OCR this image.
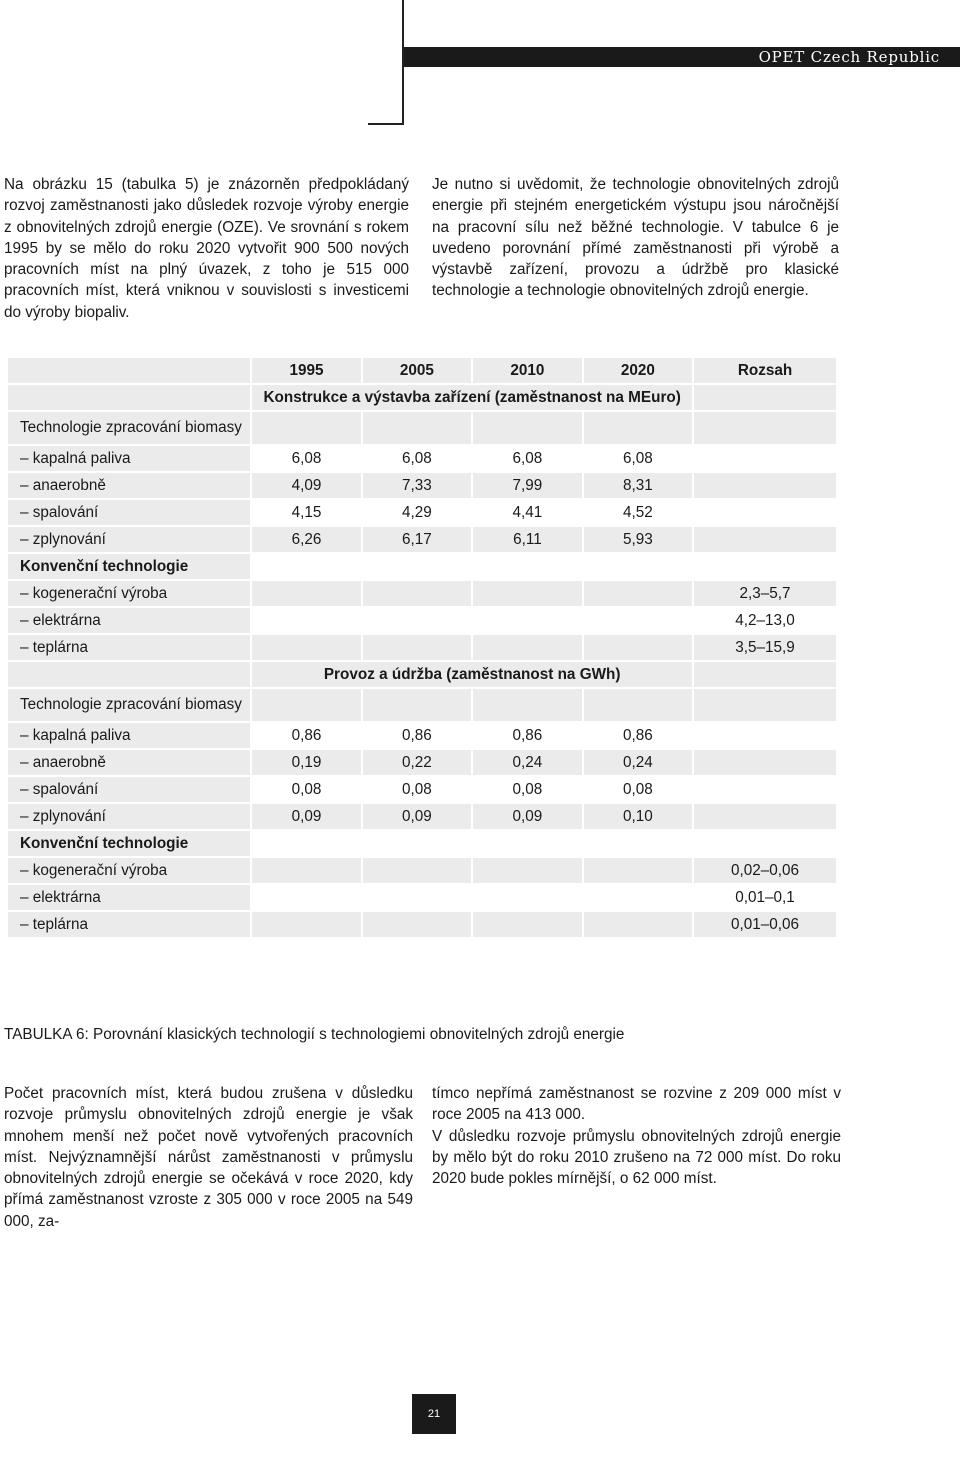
OPET Czech Republic
Na obrázku 15 (tabulka 5) je znázorněn předpokládaný rozvoj zaměstnanosti jako důsledek rozvoje výroby energie z obnovitelných zdrojů energie (OZE). Ve srovnání s rokem 1995 by se mělo do roku 2020 vytvořit 900 500 nových pracovních míst na plný úvazek, z toho je 515 000 pracovních míst, která vniknou v souvislosti s investicemi do výroby biopaliv.
Je nutno si uvědomit, že technologie obnovitelných zdrojů energie při stejném energetickém výstupu jsou náročnější na pracovní sílu než běžné technologie. V tabulce 6 je uvedeno porovnání přímé zaměstnanosti při výrobě a výstavbě zařízení, provozu a údržbě pro klasické technologie a technologie obnovitelných zdrojů energie.
	1995	2005	2010	2020	Rozsah
	Konstrukce a výstavba zařízení (zaměstnanost na MEuro)				
Technologie zpracování biomasy					
– kapalná paliva	6,08	6,08	6,08	6,08	
– anaerobně	4,09	7,33	7,99	8,31	
– spalování	4,15	4,29	4,41	4,52	
– zplynování	6,26	6,17	6,11	5,93	
Konvenční technologie					
– kogenerační výroba					2,3–5,7
– elektrárna					4,2–13,0
– teplárna					3,5–15,9
	Provoz a údržba (zaměstnanost na GWh)				
Technologie zpracování biomasy					
– kapalná paliva	0,86	0,86	0,86	0,86	
– anaerobně	0,19	0,22	0,24	0,24	
– spalování	0,08	0,08	0,08	0,08	
– zplynování	0,09	0,09	0,09	0,10	
Konvenční technologie					
– kogenerační výroba					0,02–0,06
– elektrárna					0,01–0,1
– teplárna					0,01–0,06
TABULKA 6: Porovnání klasických technologií s technologiemi obnovitelných zdrojů energie
Počet pracovních míst, která budou zrušena v důsledku rozvoje průmyslu obnovitelných zdrojů energie je však mnohem menší než počet nově vytvořených pracovních míst. Nejvýznamnější nárůst zaměstnanosti v průmyslu obnovitelných zdrojů energie se očekává v roce 2020, kdy přímá zaměstnanost vzroste z 305 000 v roce 2005 na 549 000, za-

tímco nepřímá zaměstnanost se rozvine z 209 000 míst v roce 2005 na 413 000.

V důsledku rozvoje průmyslu obnovitelných zdrojů energie by mělo být do roku 2010 zrušeno na 72 000 míst. Do roku 2020 bude pokles mírnější, o 62 000 míst.

21
